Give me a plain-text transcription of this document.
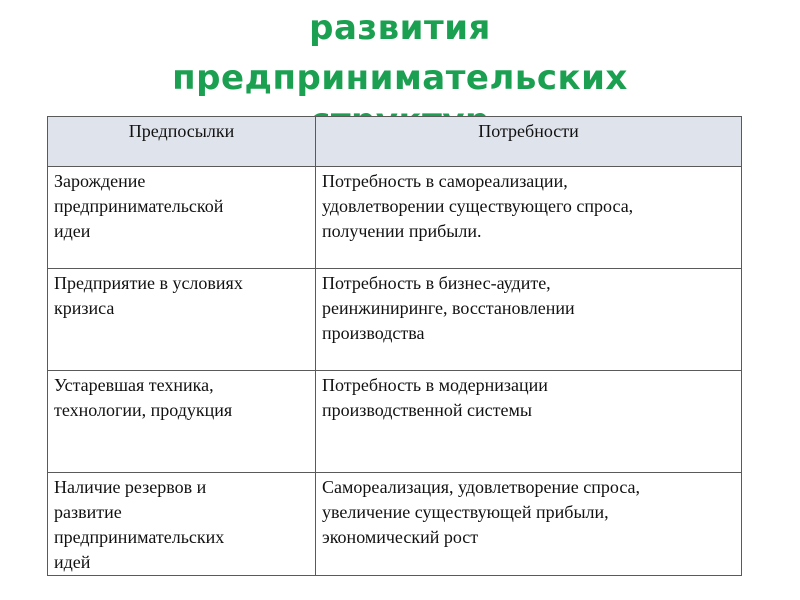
развития
предпринимательских
Предпосылки	Потребности

Зарождение
предпринимательской
идеи	Потребность в самореализации,
удовлетворении существующего спроса,
получении прибыли.

Предприятие в условиях
кризиса	Потребность в бизнес-аудите,
реинжиниринге, восстановлении
производства

Устаревшая техника,
технологии, продукция	Потребность в модернизации
производственной системы

Наличие резервов и
развитие
предпринимательских
идей	Самореализация, удовлетворение спроса,
увеличение существующей прибыли,
экономический рост
